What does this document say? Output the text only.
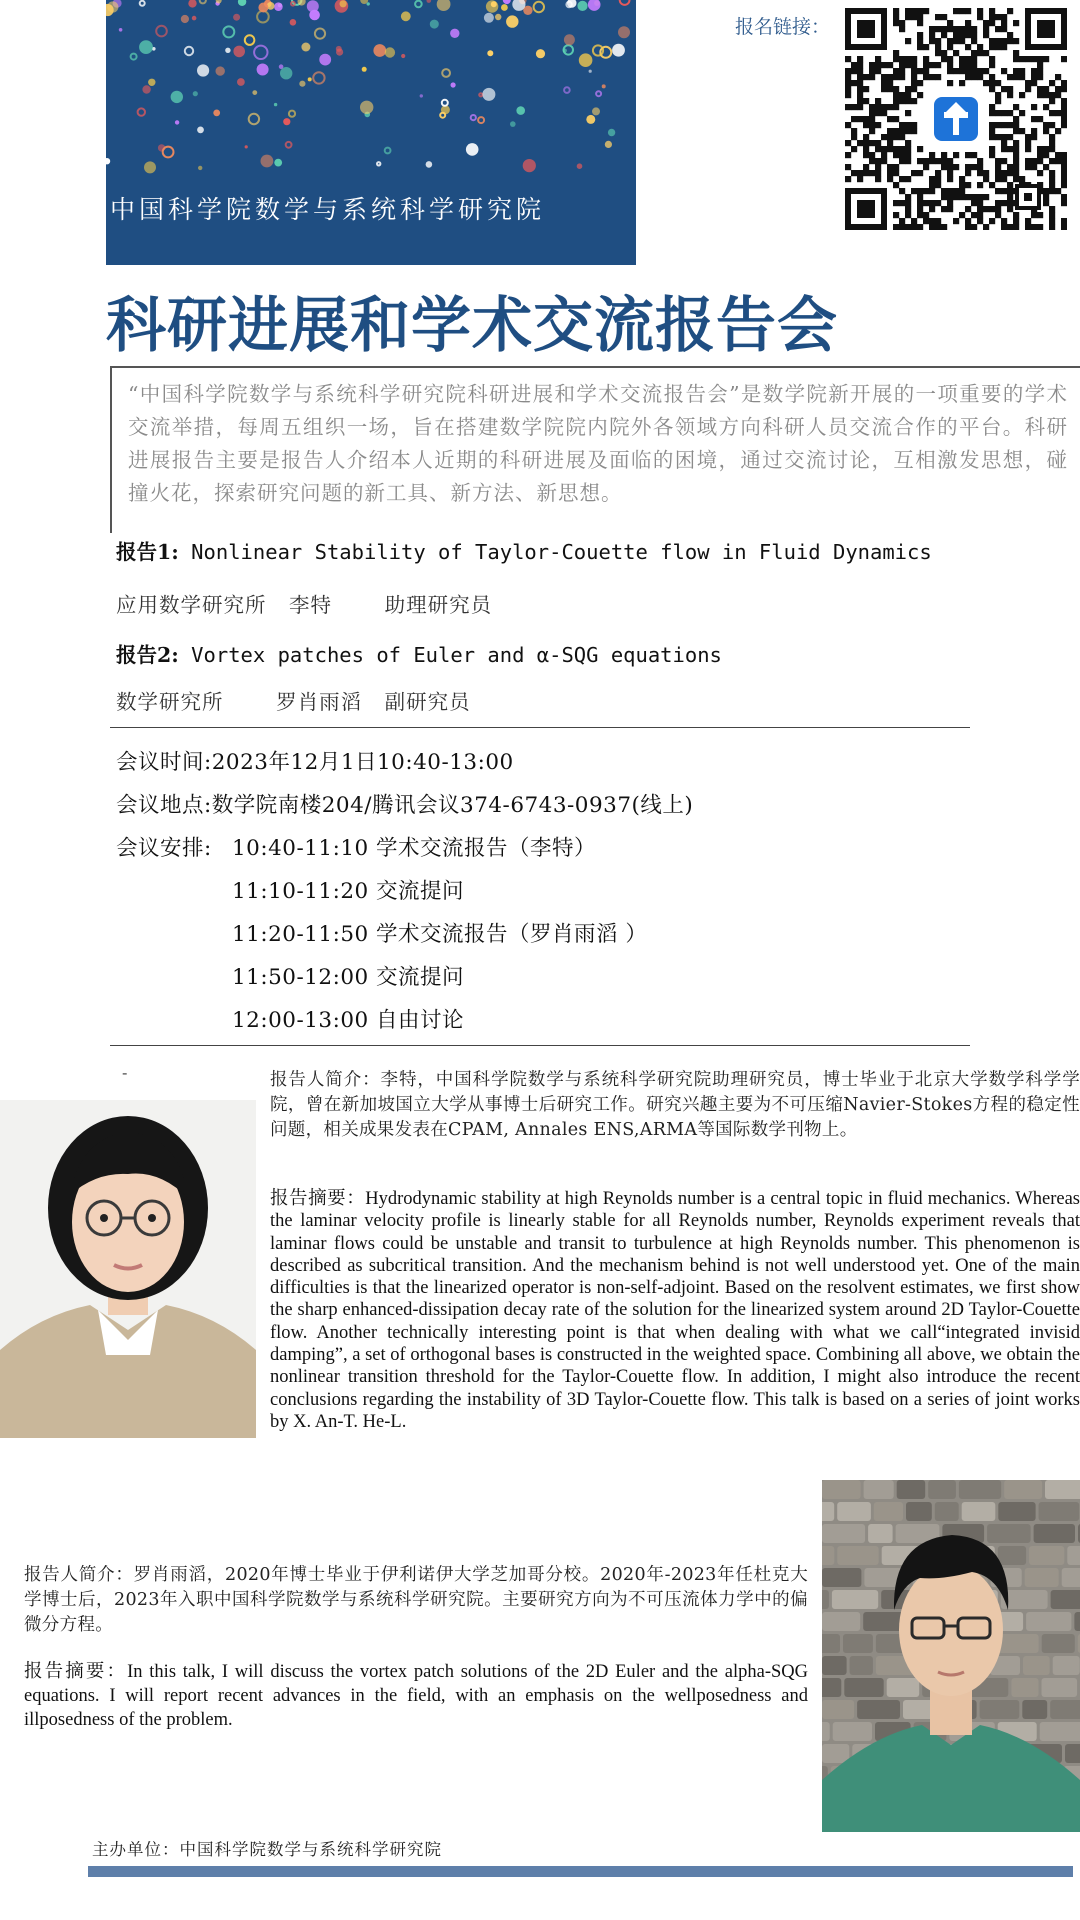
中国科学院数学与系统科学研究院
报名链接：
科研进展和学术交流报告会
“中国科学院数学与系统科学研究院科研进展和学术交流报告会”是数学院新开展的一项重要的学术交流举措，每周五组织一场，旨在搭建数学院院内院外各领域方向科研人员交流合作的平台。科研进展报告主要是报告人介绍本人近期的科研进展及面临的困境，通过交流讨论，互相激发思想，碰撞火花，探索研究问题的新工具、新方法、新思想。
报告1: Nonlinear Stability of Taylor-Couette flow in Fluid Dynamics
应用数学研究所   李特       助理研究员
报告2: Vortex patches of Euler and α-SQG equations
数学研究所       罗肖雨滔   副研究员
会议时间:2023年12月1日10:40-13:00
会议地点:数学院南楼204/腾讯会议374-6743-0937(线上)
会议安排: 10:40-11:10 学术交流报告（李特）
11:10-11:20 交流提问
11:20-11:50 学术交流报告（罗肖雨滔 ）
11:50-12:00 交流提问
12:00-13:00 自由讨论
-	报告人简介：李特，中国科学院数学与系统科学研究院助理研究员，博士毕业于北京大学数学科学学院，曾在新加坡国立大学从事博士后研究工作。研究兴趣主要为不可压缩Navier-Stokes方程的稳定性问题，相关成果发表在CPAM, Annales ENS,ARMA等国际数学刊物上。
报告摘要：Hydrodynamic stability at high Reynolds number is a central topic in fluid mechanics. Whereas the laminar velocity profile is linearly stable for all Reynolds number, Reynolds experiment reveals that laminar flows could be unstable and transit to turbulence at high Reynolds number. This phenomenon is described as subcritical transition. And the mechanism behind is not well understood yet. One of the main difficulties is that the linearized operator is non-self-adjoint. Based on the resolvent estimates, we first show the sharp enhanced-dissipation decay rate of the solution for the linearized system around 2D Taylor-Couette flow. Another technically interesting point is that when dealing with what we call“integrated invisid damping”, a set of orthogonal bases is constructed in the weighted space. Combining all above, we obtain the nonlinear transition threshold for the Taylor-Couette flow. In addition, I might also introduce the recent conclusions regarding the instability of 3D Taylor-Couette flow. This talk is based on a series of joint works by X. An-T. He-L.
报告人简介：罗肖雨滔，2020年博士毕业于伊利诺伊大学芝加哥分校。2020年-2023年任杜克大学博士后，2023年入职中国科学院数学与系统科学研究院。主要研究方向为不可压流体力学中的偏微分方程。
报告摘要：In this talk, I will discuss the vortex patch solutions of the 2D Euler and the alpha-SQG equations. I will report recent advances in the field, with an emphasis on the wellposedness and illposedness of the problem.
主办单位：中国科学院数学与系统科学研究院
